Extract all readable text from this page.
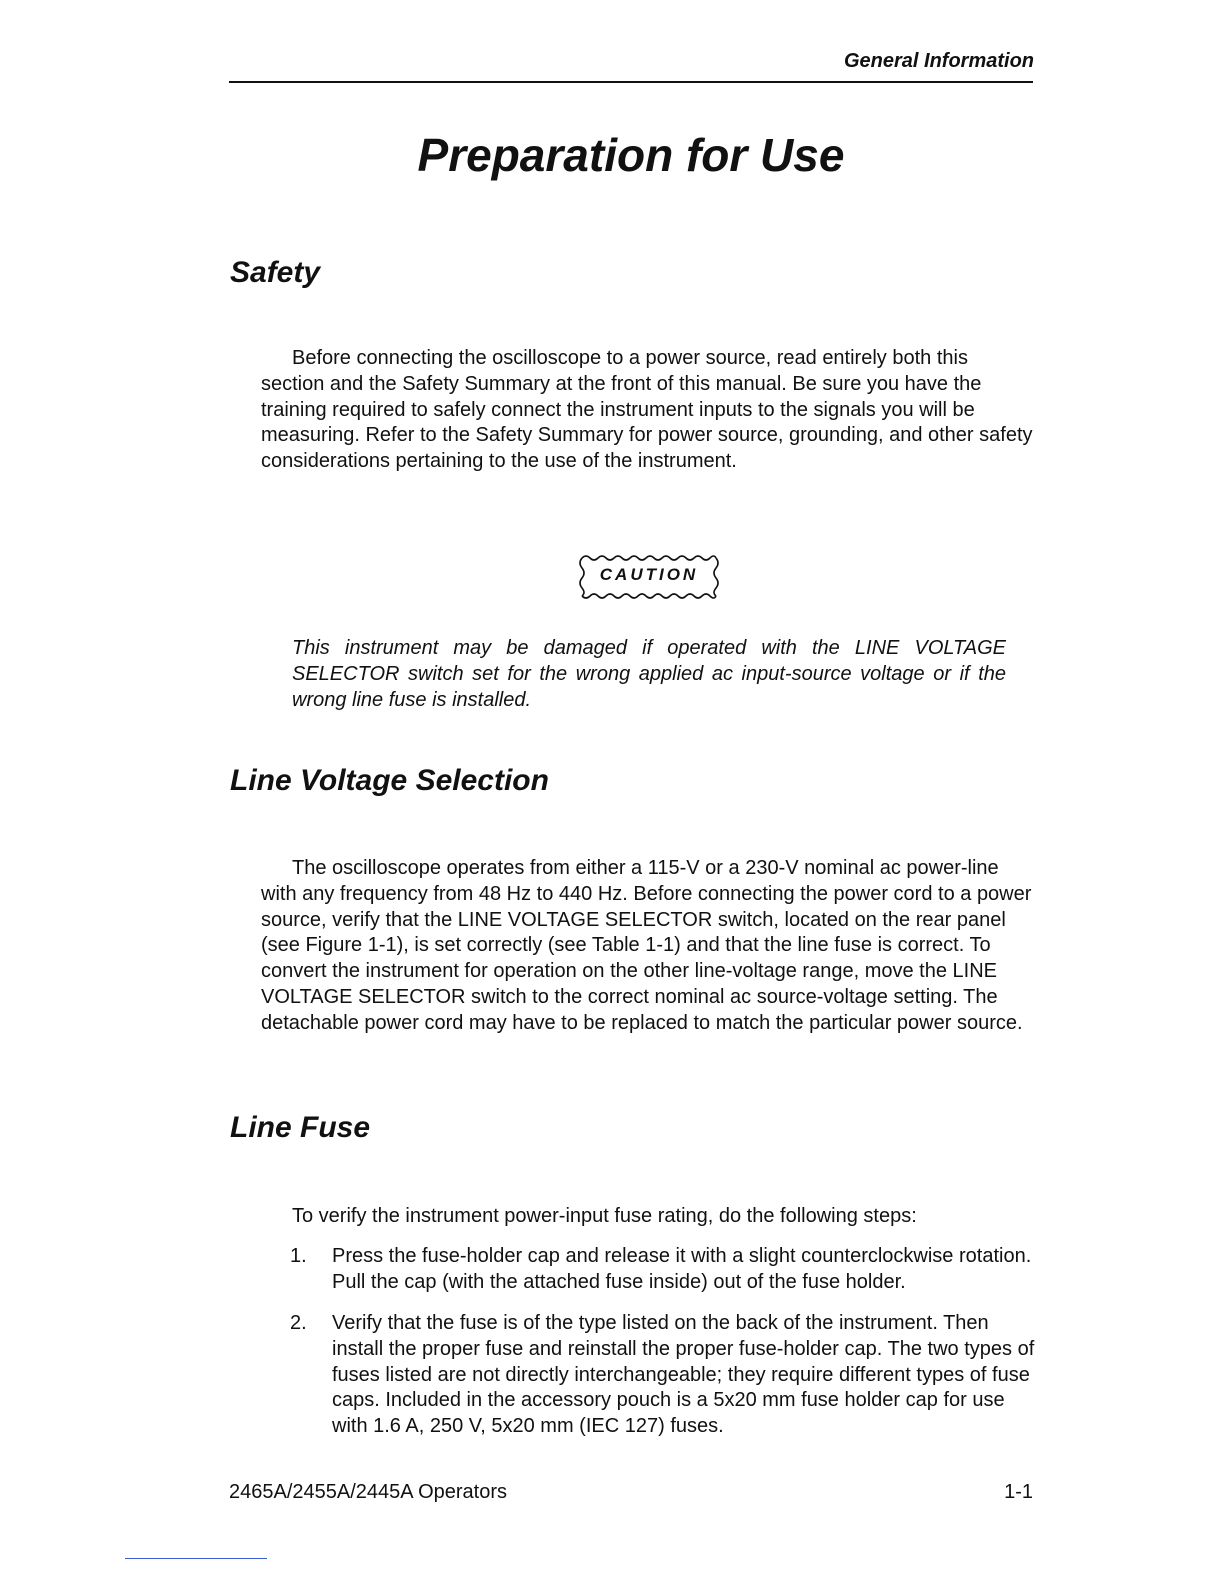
General Information

Preparation for Use
Safety

Before connecting the oscilloscope to a power source, read entirely both this section and the Safety Summary at the front of this manual. Be sure you have the training required to safely connect the instrument inputs to the signals you will be measuring. Refer to the Safety Summary for power source, grounding, and other safety considerations pertaining to the use of the instrument.

CAUTION

This instrument may be damaged if operated with the LINE VOLTAGE SELECTOR switch set for the wrong applied ac input-source voltage or if the wrong line fuse is installed.

Line Voltage Selection

The oscilloscope operates from either a 115-V or a 230-V nominal ac power-line with any frequency from 48 Hz to 440 Hz. Before connecting the power cord to a power source, verify that the LINE VOLTAGE SELECTOR switch, located on the rear panel (see Figure 1-1), is set correctly (see Table 1-1) and that the line fuse is correct. To convert the instrument for operation on the other line-voltage range, move the LINE VOLTAGE SELECTOR switch to the correct nominal ac source-voltage setting. The detachable power cord may have to be replaced to match the particular power source.

Line Fuse

To verify the instrument power-input fuse rating, do the following steps:

1. Press the fuse-holder cap and release it with a slight counterclockwise rotation. Pull the cap (with the attached fuse inside) out of the fuse holder.
2. Verify that the fuse is of the type listed on the back of the instrument. Then install the proper fuse and reinstall the proper fuse-holder cap. The two types of fuses listed are not directly interchangeable; they require different types of fuse caps. Included in the accessory pouch is a 5x20 mm fuse holder cap for use with 1.6 A, 250 V, 5x20 mm (IEC 127) fuses.

2465A/2455A/2445A Operators	1-1
